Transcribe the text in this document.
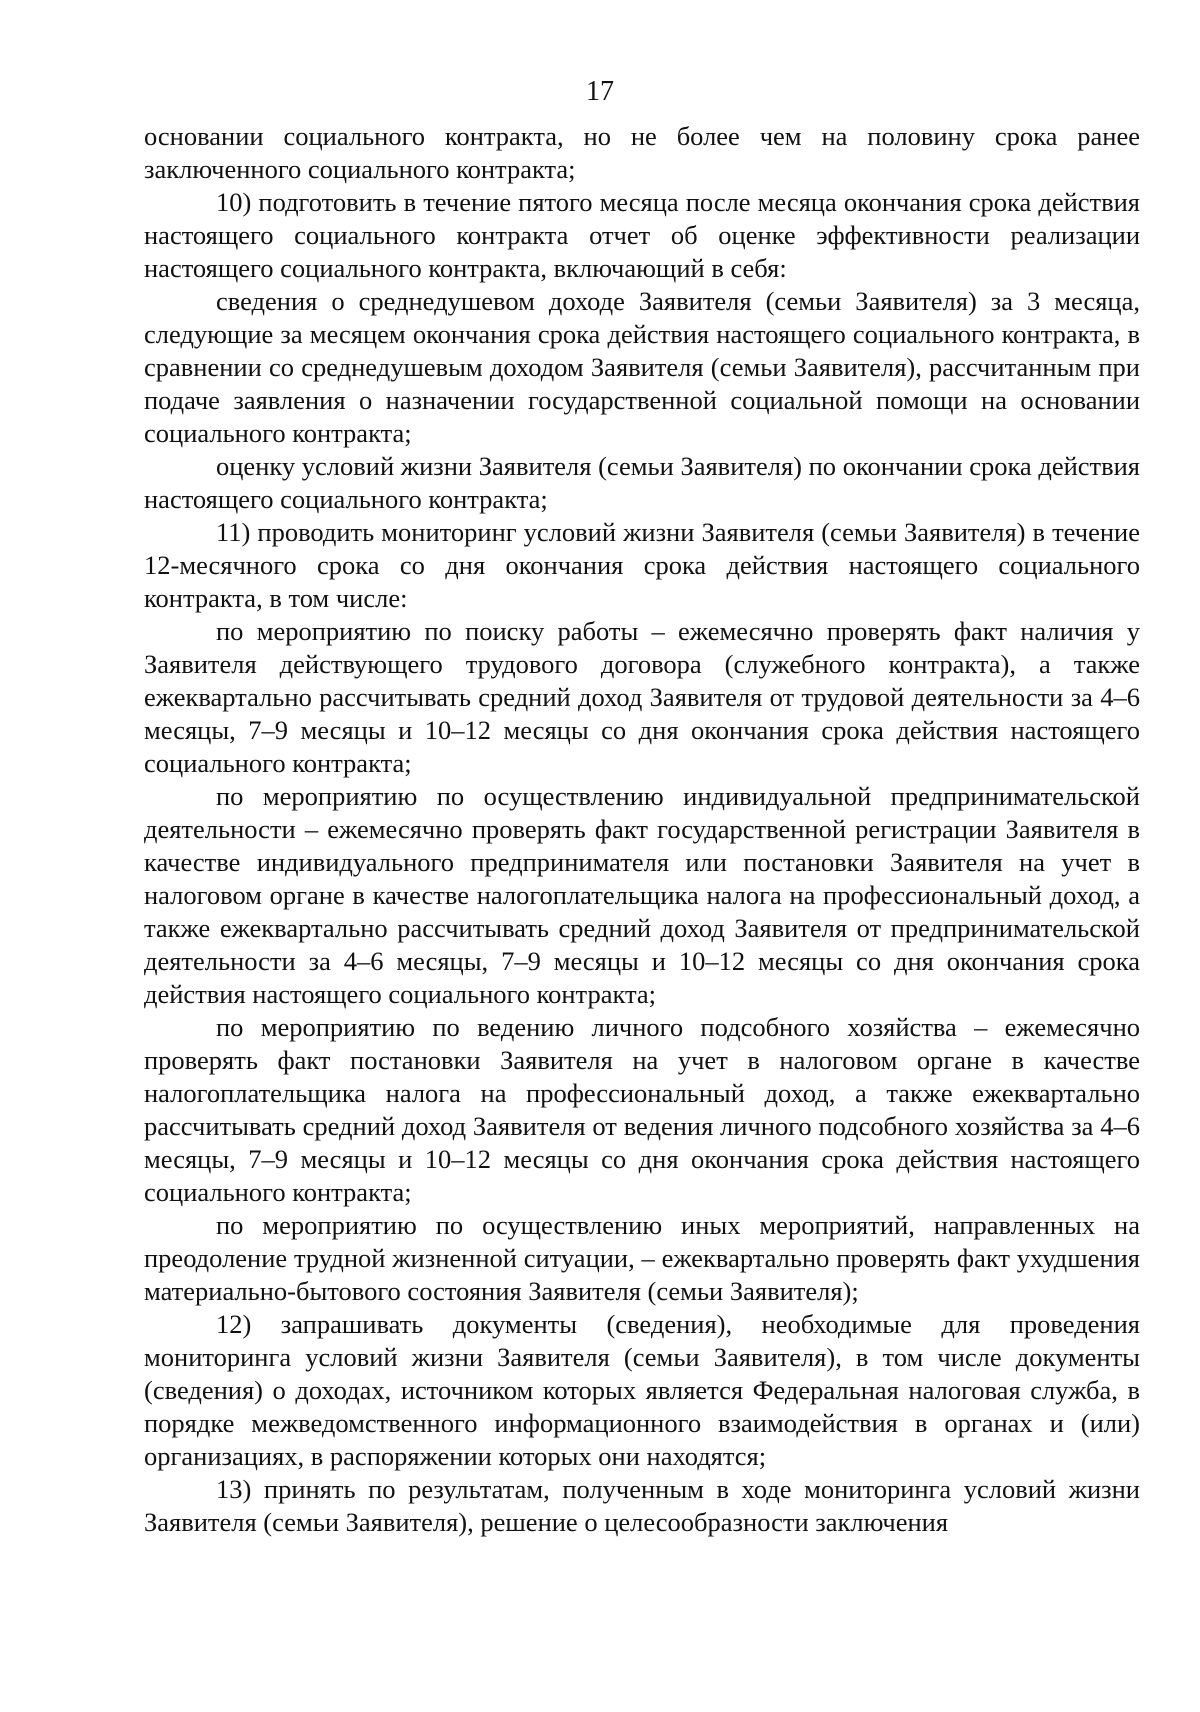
17

основании социального контракта, но не более чем на половину срока ранее заключенного социального контракта;

10) подготовить в течение пятого месяца после месяца окончания срока действия настоящего социального контракта отчет об оценке эффективности реализации настоящего социального контракта, включающий в себя:

сведения о среднедушевом доходе Заявителя (семьи Заявителя) за 3 месяца, следующие за месяцем окончания срока действия настоящего социального контракта, в сравнении со среднедушевым доходом Заявителя (семьи Заявителя), рассчитанным при подаче заявления о назначении государственной социальной помощи на основании социального контракта;

оценку условий жизни Заявителя (семьи Заявителя) по окончании срока действия настоящего социального контракта;

11) проводить мониторинг условий жизни Заявителя (семьи Заявителя) в течение 12-месячного срока со дня окончания срока действия настоящего социального контракта, в том числе:

по мероприятию по поиску работы – ежемесячно проверять факт наличия у Заявителя действующего трудового договора (служебного контракта), а также ежеквартально рассчитывать средний доход Заявителя от трудовой деятельности за 4–6 месяцы, 7–9 месяцы и 10–12 месяцы со дня окончания срока действия настоящего социального контракта;

по мероприятию по осуществлению индивидуальной предпринимательской деятельности – ежемесячно проверять факт государственной регистрации Заявителя в качестве индивидуального предпринимателя или постановки Заявителя на учет в налоговом органе в качестве налогоплательщика налога на профессиональный доход, а также ежеквартально рассчитывать средний доход Заявителя от предпринимательской деятельности за 4–6 месяцы, 7–9 месяцы и 10–12 месяцы со дня окончания срока действия настоящего социального контракта;

по мероприятию по ведению личного подсобного хозяйства – ежемесячно проверять факт постановки Заявителя на учет в налоговом органе в качестве налогоплательщика налога на профессиональный доход, а также ежеквартально рассчитывать средний доход Заявителя от ведения личного подсобного хозяйства за 4–6 месяцы, 7–9 месяцы и 10–12 месяцы со дня окончания срока действия настоящего социального контракта;

по мероприятию по осуществлению иных мероприятий, направленных на преодоление трудной жизненной ситуации, – ежеквартально проверять факт ухудшения материально-бытового состояния Заявителя (семьи Заявителя);

12) запрашивать документы (сведения), необходимые для проведения мониторинга условий жизни Заявителя (семьи Заявителя), в том числе документы (сведения) о доходах, источником которых является Федеральная налоговая служба, в порядке межведомственного информационного взаимодействия в органах и (или) организациях, в распоряжении которых они находятся;

13) принять по результатам, полученным в ходе мониторинга условий жизни Заявителя (семьи Заявителя), решение о целесообразности заключения
